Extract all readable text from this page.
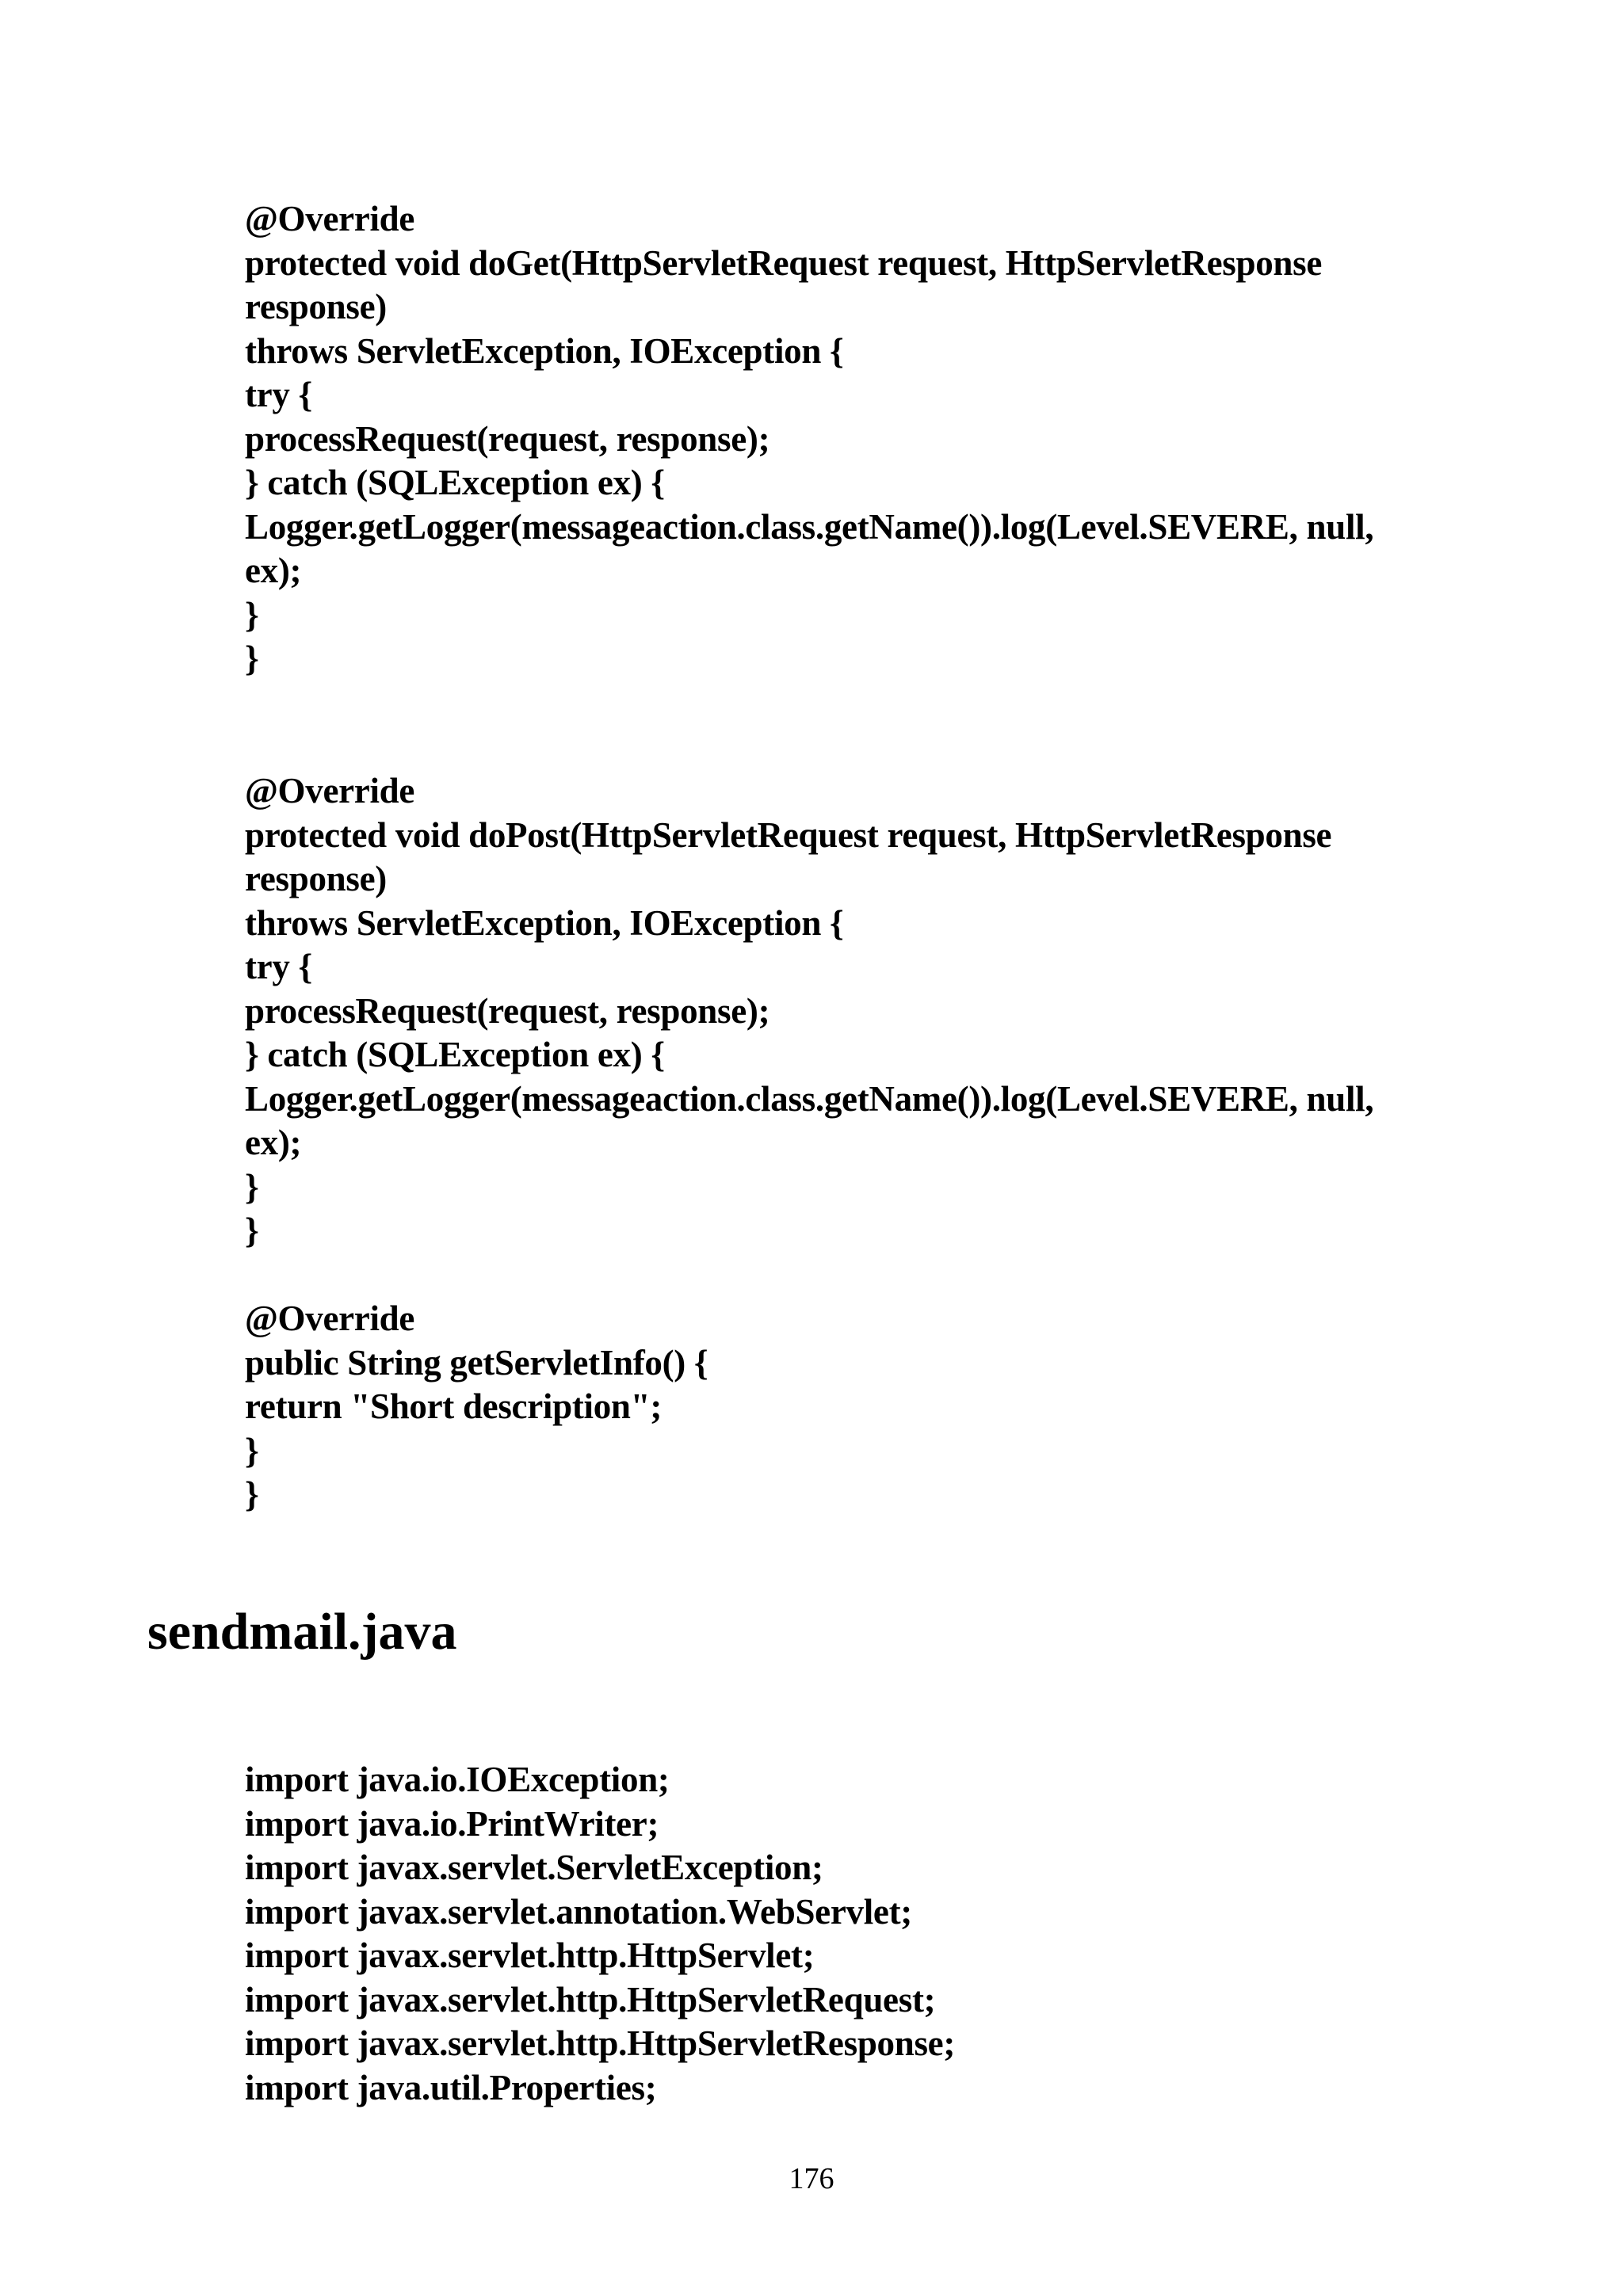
@Override
protected void doGet(HttpServletRequest request, HttpServletResponse
response)
throws ServletException, IOException {
try {
processRequest(request, response);
} catch (SQLException ex) {
Logger.getLogger(messageaction.class.getName()).log(Level.SEVERE, null,
ex);
}
}
@Override
protected void doPost(HttpServletRequest request, HttpServletResponse
response)
throws ServletException, IOException {
try {
processRequest(request, response);
} catch (SQLException ex) {
Logger.getLogger(messageaction.class.getName()).log(Level.SEVERE, null,
ex);
}
}
@Override
public String getServletInfo() {
return "Short description";
}
}
sendmail.java
import java.io.IOException;
import java.io.PrintWriter;
import javax.servlet.ServletException;
import javax.servlet.annotation.WebServlet;
import javax.servlet.http.HttpServlet;
import javax.servlet.http.HttpServletRequest;
import javax.servlet.http.HttpServletResponse;
import java.util.Properties;
176
